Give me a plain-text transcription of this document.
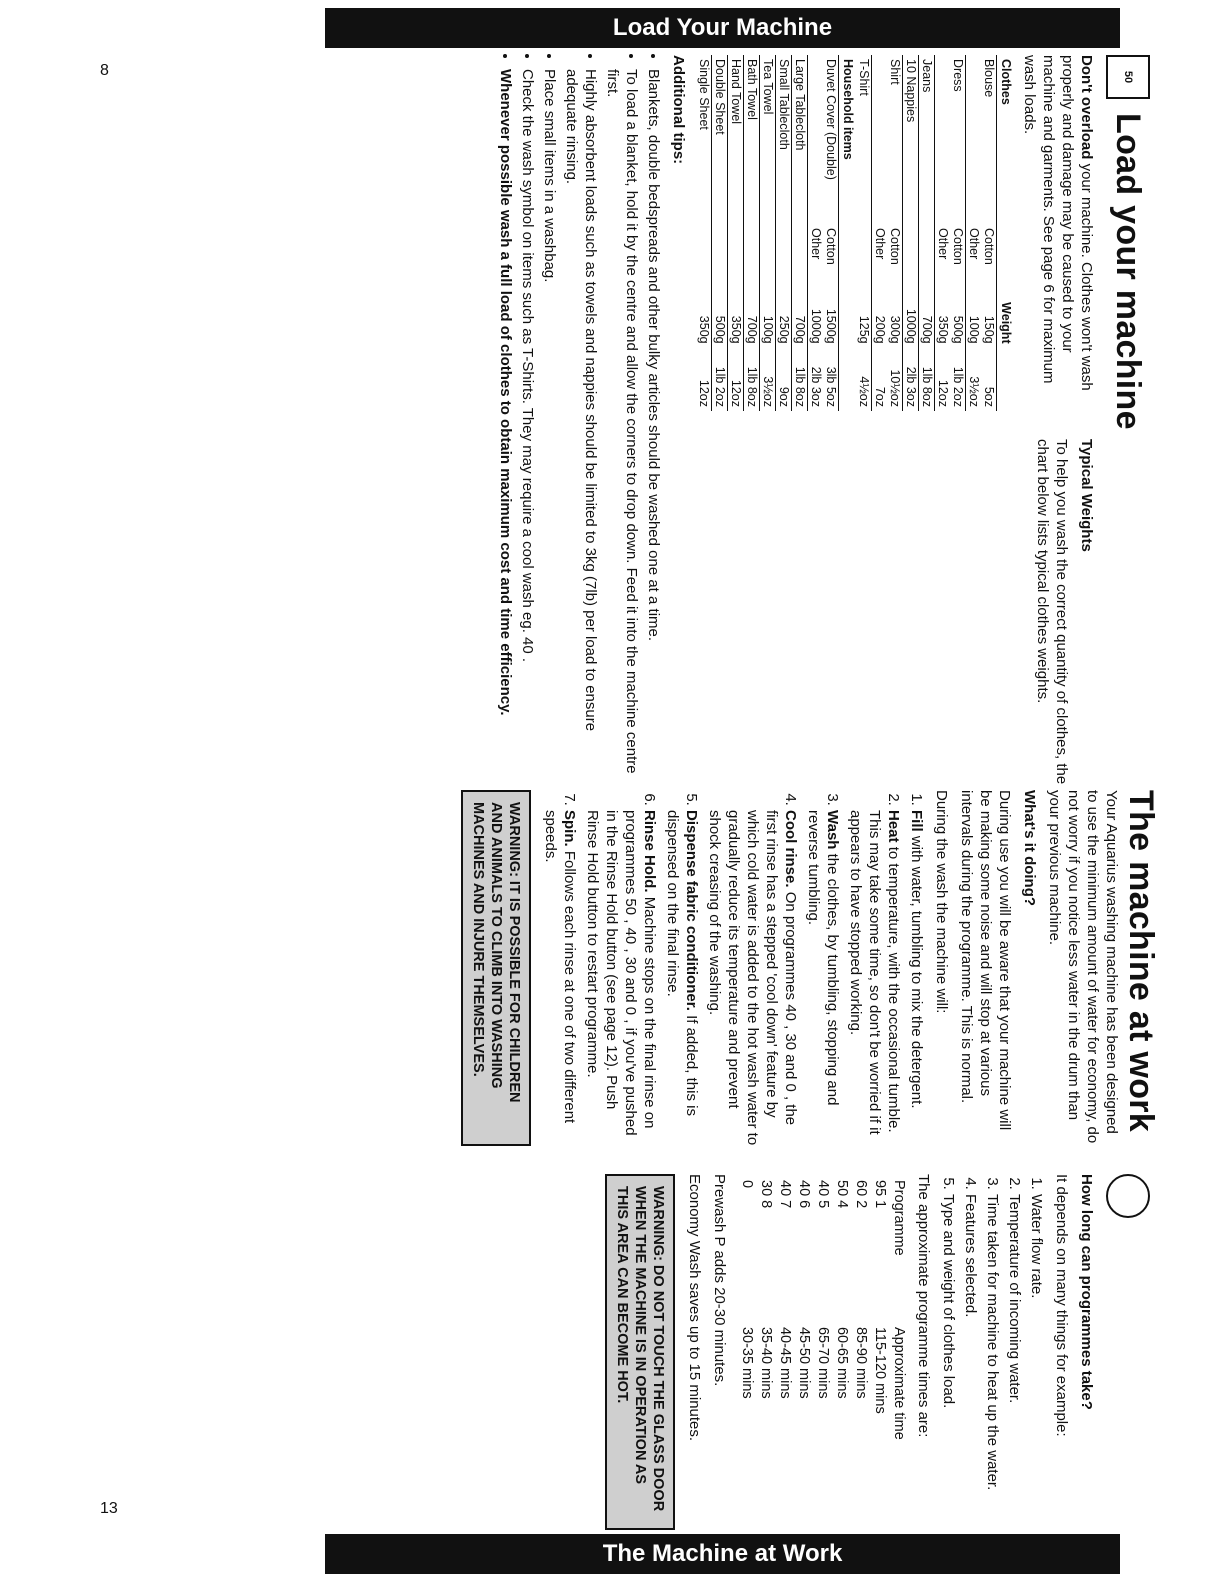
Load Your Machine
The Machine at Work
8
13
50
Load your machine

Don't overload your machine. Clothes won't wash properly and damage may be caused to your machine and garments. See page 6 for maximum wash loads.

Clothes		Weight	
Blouse	Cotton	150g	5oz
	Other	100g	3½oz
Dress	Cotton	500g	1lb 2oz
	Other	350g	12oz
Jeans		700g	1lb 8oz
10 Nappies		1000g	2lb 3oz
Shirt	Cotton	300g	10½oz
	Other	200g	7oz
T-Shirt		125g	4½oz
Household items			
Duvet Cover (Double)	Cotton	1500g	3lb 5oz
	Other	1000g	2lb 3oz
Large Tablecloth		700g	1lb 8oz
Small Tablecloth		250g	9oz
Tea Towel		100g	3½oz
Bath Towel		700g	1lb 8oz
Hand Towel		350g	12oz
Double Sheet		500g	1lb 2oz
Single Sheet		350g	12oz

Typical Weights

To help you wash the correct quantity of clothes, the chart below lists typical clothes weights.

Additional tips:

• Blankets, double bedspreads and other bulky articles should be washed one at a time.
• To load a blanket, hold it by the centre and allow the corners to drop down. Feed it into the machine centre first.
• Highly absorbent loads such as towels and nappies should be limited to 3kg (7lb) per load to ensure adequate rinsing.
• Place small items in a washbag.
• Check the wash symbol on items such as T-Shirts. They may require a cool wash eg. 40 .
• Whenever possible wash a full load of clothes to obtain maximum cost and time efficiency.
The machine at work

Your Aquarius washing machine has been designed to use the minimum amount of water for economy, do not worry if you notice less water in the drum than your previous machine.

What's it doing?

During use you will be aware that your machine will be making some noise and will stop at various intervals during the programme. This is normal.

During the wash the machine will:

1. Fill with water, tumbling to mix the detergent.
2. Heat to temperature, with the occasional tumble. This may take some time, so don't be worried if it appears to have stopped working.
3. Wash the clothes, by tumbling, stopping and reverse tumbling.
4. Cool rinse. On programmes 40 , 30 and 0 , the first rinse has a stepped 'cool down' feature by which cold water is added to the hot wash water to gradually reduce its temperature and prevent shock creasing of the washing.
5. Dispense fabric conditioner. If added, this is dispensed on the final rinse.
6. Rinse Hold. Machine stops on the final rinse on programmes 50 , 40 , 30 and 0 , if you've pushed in the Rinse Hold button (see page 12). Push Rinse Hold button to restart programme.
7. Spin. Follows each rinse at one of two different speeds.
WARNING: IT IS POSSIBLE FOR CHILDREN AND ANIMALS TO CLIMB INTO WASHING MACHINES AND INJURE THEMSELVES.

How long can programmes take?

It depends on many things for example:

1. Water flow rate.
2. Temperature of incoming water.
3. Time taken for machine to heat up the water.
4. Features selected.
5. Type and weight of clothes load.

The approximate programme times are:

Programme	Approximate time
95 1	115-120 mins
60 2	85-90 mins
50 4	60-65 mins
40 5	65-70 mins
40 6	45-50 mins
40 7	40-45 mins
30 8	35-40 mins
0	30-35 mins

Prewash P adds 20-30 minutes.

Economy Wash saves up to 15 minutes.

WARNING: DO NOT TOUCH THE GLASS DOOR WHEN THE MACHINE IS IN OPERATION AS THIS AREA CAN BECOME HOT.
